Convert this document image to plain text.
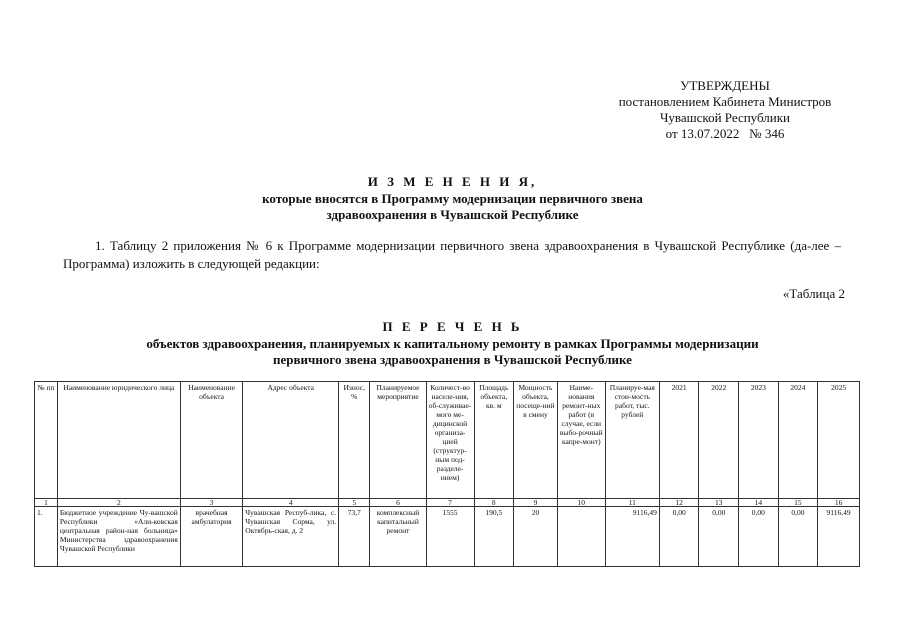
УТВЕРЖДЕНЫ
постановлением Кабинета Министров
Чувашской Республики
от 13.07.2022   № 346
И З М Е Н Е Н И Я,
которые вносятся в Программу модернизации первичного звена
здравоохранения в Чувашской Республике
1. Таблицу 2 приложения № 6 к Программе модернизации первичного звена здравоохранения в Чувашской Республике (да-лее – Программа) изложить в следующей редакции:
«Таблица 2
П Е Р Е Ч Е Н Ь
объектов здравоохранения, планируемых к капитальному ремонту в рамках Программы модернизации
первичного звена здравоохранения в Чувашской Республике
№ пп	Наименование юридического лица	Наименование объекта	Адрес объекта	Износ, %	Планируемое мероприятие	Количест-во населе-ния, об-служивае-мого ме-дицинской организа-цией (структур-ным под-разделе-нием)	Площадь объекта, кв. м	Мощность объекта, посеще-ний в смену	Наиме-нования ремонт-ных работ (в случае, если выбо-рочный капре-монт)	Планируе-мая стои-мость работ, тыс. рублей	2021	2022	2023	2024	2025
1	2	3	4	5	6	7	8	9	10	11	12	13	14	15	16
1.	Бюджетное учреждение Чу-вашской Республики «Али-ковская центральная район-ная больница» Министерства здравоохранения Чувашской Республики	врачебная амбулатория	Чувашская Респуб-лика, с. Чувашская Сорма, ул. Октябрь-ская, д. 2	73,7	комплексный капитальный ремонт	1555	190,5	20		9116,49	0,00	0,00	0,00	0,00	9116,49
